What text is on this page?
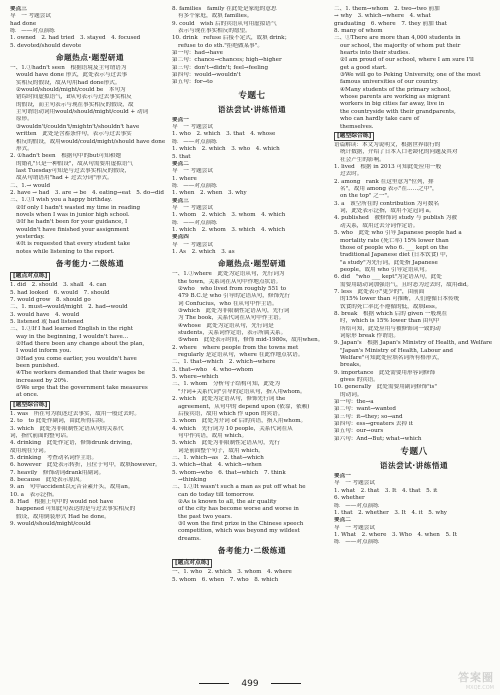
要点三
导　一 考题尝试
had done
练　——对点演练
1. owned　2. had tried　3. stayed　4. focused
5. devoted/should devote
命题热点·题型研通
一、1.①hadn't seen　根据语境及主句谓语为
would have done 形式，此处表示与过去事
实相反的假设，故从句用had done形式。
②would/should/might/could be　本句为
错综时间虚拟语气，if从句表示与过去事实相反
的假设，而主句表示与现在事实相反的假设，故
主句谓语动词用would/should/might/could + 动词
原形。
③wouldn't/couldn't/mightn't/shouldn't have
written　此处是含蓄条件句，表示与过去事实
相反的假设，故用would/could/might/should have done
形式。
2. ①hadn't been　根据句中的but可知和她
的婚礼"只是一种假设"，故从句需要用虚拟语气
last Tuesday可知是与过去事实相反的假设，
故从句谓语用"had + 过去分词"形式。
二、1.→ would
2. have → had　3. are → be　4. eating→eat　5. do→did
三、1.①I wish you a happy birthday.
②If only I hadn't wasted my time in reading
novels when I was in junior high school.
③If he hadn't been for your guidance, I
wouldn't have finished your assignment
yesterday.
④It is requested that every student take
notes while listening to the report.
备考能力·二级练通
[题点对点练]
1. did　2. should　3. shall　4. can
5. had looked　6. would　7. should
7. would grow　8. should go
二、1. must→would/might　2. had→would
3. would have　4. would
5. listened 或 had listened
三、1.①If I had learned English in the right
way in the beginning, I wouldn't have...
②Had there been any change about the plan,
I would inform you.
③Had you come earlier, you wouldn't have
been punished.
④The workers demanded that their wages be
increased by 20%.
⑤We urge that the government take measures
at once.
[题型综合练]
1. was　所在句为叙述过去事实，故用一般过去时。
2. to　to 此处作副词，由此所得后续。
3. which　此处为非限制性定语从句的关系代
词，指代前面的整句话。
4. drinking　此处作定语，修饰drunk driving，
故用现在分词。
5. drinking　考查动名词作主语。
6. however　此处表示转折，且位于句中，故填however。
7. heavily　修饰动词drank用副词。
8. because　此处表示原因。
9. an　句中accident以元音音素开头，故用an。
10. a　表示泛指。
8. Had　根据上句中的 would not have
happened 可知此句表达的是与过去事实相反的
假设，故用倒装形式 Had he done。
9. would/should/might/could
8. families　family 在此处是家庭的意思
有多个家庭，故填 families。
9. could　wish 后的宾语从句用虚拟语气
表示与现在事实相反的愿望。
10. drink　refuse 后接不定式，故填 drink；
refuse to do sth."拒绝做某事"。
第一句：had→have
第二句：chance→chances; high→higher
第三句：don't→didn't; feel→feeling
第四句：would→wouldn't
第五句：for→to
专题七
语法尝试·讲练悟通
要点一
导　一 考题尝试
1. who　2. which　3. that　4. whose
练　——对点演练
1. which　2. which　3. who　4. which
5. that
要点二
导　一 考题尝试
1. where
练　——对点演练
1. when　2. when　3. why
要点三
导　一 考题尝试
1. whom　2. which　3. whom　4. which
练　——对点演练
1. which　2. whom　3. which　4. which
要点四
导　一 考题尝试
1. As　2. which　3. as
命题热点·题型研通
一、1.①where　此处为定语从句，先行词为
the town，关系词在从句中作地点状语。
②who　who lived from roughly 551 to
479 B.C.是 who 引导的定语从句，修饰先行
词 Confucius，who 在从句中作主语。
③which　此处为非限制性定语从句，先行词
为 The book，关系代词在从句中作主语。
④whose　此处为定语从句，先行词是
students，关系词作定语，表示所属关系。
⑤when　此处表示时间，修饰 mid-1980s，故用when。
2. where　where people from the towns met
regularly 是定语从句，where 在此作地点状语。
二、1. that→which　2. which→where
3. that→who　4. who→whom
5. where→which
三、1. whom　分析句子结构可知，此处为
"介词+关系代词"引导的定语从句，指人用whom。
2. which　此处为定语从句，修饰先行词 the
agreement，从句中的 depend upon (依靠，依赖)
后接宾语，故用 which 作 upon 的宾语。
3. whom　此处为介词 of 后的宾语，指人用whom。
4. which　先行词为 10 people，关系代词在从
句中作宾语，故用 which。
5. which　此处为非限制性定语从句，先行
词是前面整个句子，故用 which。
三、1. which→as　2. that→which
3. which→that　4. which→when
5. whom→who　6. that→which　7. think
→thinking
三、1.①It wasn't such a man as put off what he
can do today till tomorrow.
②As is known to all, the air quality
of the city has become worse and worse in
the past two years.
③I won the first prize in the Chinese speech
competition, which was beyond my wildest
dreams.
备考能力·二级练通
[题点对点练]
一、1. who　2. which　3. whom　4. where
5. whom　6. when　7. who　8. which
二、1. them→whom　2. two→two 前加
→ why　3. which→where　4. what
graduating　6. where　7. they 前加 that
8. many of whom
三、①There are more than 4,000 students in
our school, the majority of whom put their
hearts into their studies.
②I am proud of our school, where I am sure I'll
get a good start.
③We will go to Peking University, one of the most
famous universities of our country.
④Many students of the primary school,
whose parents are working as migrant
workers in big cities far away, live in
the countryside with their grandparents,
who can hardly take care of
themselves.
[题型综合练]
语篇解读：本文为说明文，根据世界银行的
统计数据，介绍了日本人口老龄化的问题及其对
社会产生的影响。
1. lived　根据 in 2013 可知此处应用一般
过去时。
2. among　rank 在这里意为"位列，排
名"，故用 among 表示"在……之中"，
on the top" 之一"。
3. a　该空所在的 contribution 为可数名
词，此处表示泛指，故用不定冠词 a。
4. published　被修饰词 study 与 publish 为被
动关系，故用过去分词作定语。
5. who　此处 who 引导 Japanese people had a
mortality rate (死亡率) 15% lower than
those of people who 6. ___ kept on the
traditional Japanese diet (日本饮食) 中，
"a study"为先行词，此处指 Japanese
people，故用 who 引导定语从句。
6. did　"who ___ kept"为定语从句，此处
需要用助动词加强语气，且时态为过去时，故用did。
7. less　此处表示"更少的"，由前面
的15% lower than 可推断，人们遵循日本传统
饮食的死亡率比不遵循的低，故填less。
8. break　根据 which 后的 given 一般现在
时，which is 15% lower than 由句中
所给可知，此处应用与被修饰词一致的动
词原形 break 作谓语。
9. Japan's　根据 Japan's Ministry of Health, and Welfare
"Japan's Ministry of Health, Labour and
Welfare"可知此处应填名词所有格形式，
breaks。
9. importance　此处需要用形容词修饰
gives 的宾语。
10. generally　此处需要用副词修饰"is"
的动词。
第一句：the→a
第二句：want→wanted
第三句：it→they; so→and
第四句：ess→greaters 去掉 it
第五句：our→ours
第六句：And→But; what→which
专题八
语法尝试·讲练悟通
要点一
导　一 考题尝试
1. what　2. that　3. It　4. that　5. it
6. whether
练　——对点演练
1. that　2. whether　3. It　4. it　5. why
要点二
导　一 考题尝试
1. What　2. where　3. Who　4. when　5. It
练　——对点演练
499	答案圈
MXQE.COM
